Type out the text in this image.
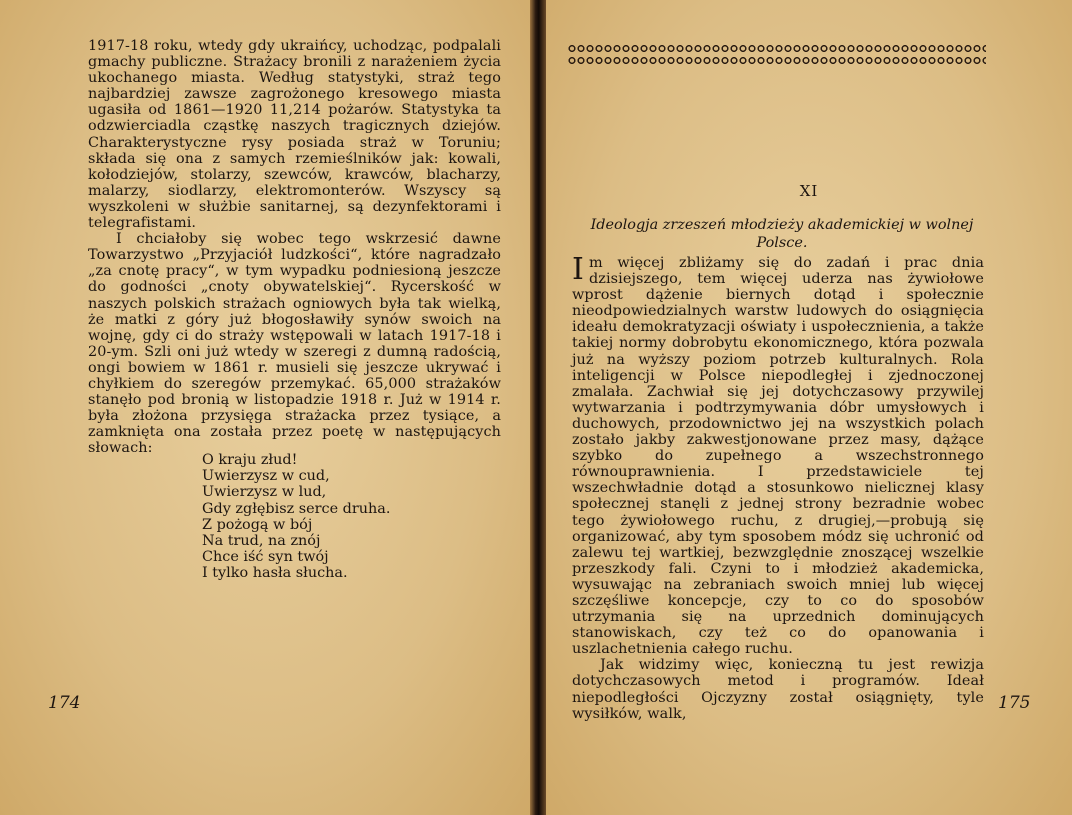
1917-18 roku, wtedy gdy ukraińcy, uchodząc, podpalali gmachy publiczne. Strażacy bronili z narażeniem życia ukochanego miasta. Według statystyki, straż tego najbardziej zawsze zagrożonego kresowego miasta ugasiła od 1861—1920 11,214 pożarów. Statystyka ta odzwierciadla cząstkę naszych tragicznych dziejów. Charakterystyczne rysy posiada straż w Toruniu; składa się ona z samych rzemieślników jak: kowali, kołodziejów, stolarzy, szewców, krawców, blacharzy, malarzy, siodlarzy, elektromonterów. Wszyscy są wyszkoleni w służbie sanitarnej, są dezynfektorami i telegrafistami.

I chciałoby się wobec tego wskrzesić dawne Towarzystwo „Przyjaciół ludzkości“, które nagradzało „za cnotę pracy“, w tym wypadku podniesioną jeszcze do godności „cnoty obywatelskiej“. Rycerskość w naszych polskich strażach ogniowych była tak wielką, że matki z góry już błogosławiły synów swoich na wojnę, gdy ci do straży wstępowali w latach 1917-18 i 20-ym. Szli oni już wtedy w szeregi z dumną radością, ongi bowiem w 1861 r. musieli się jeszcze ukrywać i chyłkiem do szeregów przemykać. 65,000 strażaków stanęło pod bronią w listopadzie 1918 r. Już w 1914 r. była złożona przysięga strażacka przez tysiące, a zamknięta ona została przez poetę w następujących słowach:

O kraju złud!
Uwierzysz w cud,
Uwierzysz w lud,
Gdy zgłębisz serce druha.
Z pożogą w bój
Na trud, na znój
Chce iść syn twój
I tylko hasła słucha.
174
XI
Ideologja zrzeszeń młodzieży akademickiej w wolnej Polsce.

Im więcej zbliżamy się do zadań i prac dnia dzisiejszego, tem więcej uderza nas żywiołowe wprost dążenie biernych dotąd i społecznie nieodpowiedzialnych warstw ludowych do osiągnięcia ideału demokratyzacji oświaty i uspołecznienia, a także takiej normy dobrobytu ekonomicznego, która pozwala już na wyższy poziom potrzeb kulturalnych. Rola inteligencji w Polsce niepodległej i zjednoczonej zmalała. Zachwiał się jej dotychczasowy przywilej wytwarzania i podtrzymywania dóbr umysłowych i duchowych, przodownictwo jej na wszystkich polach zostało jakby zakwestjonowane przez masy, dążące szybko do zupełnego a wszechstronnego równouprawnienia. I przedstawiciele tej wszechwładnie dotąd a stosunkowo nielicznej klasy społecznej stanęli z jednej strony bezradnie wobec tego żywiołowego ruchu, z drugiej,—probują się organizować, aby tym sposobem módz się uchronić od zalewu tej wartkiej, bezwzględnie znoszącej wszelkie przeszkody fali. Czyni to i młodzież akademicka, wysuwając na zebraniach swoich mniej lub więcej szczęśliwe koncepcje, czy to co do sposobów utrzymania się na uprzednich dominujących stanowiskach, czy też co do opanowania i uszlachetnienia całego ruchu.

Jak widzimy więc, konieczną tu jest rewizja dotychczasowych metod i programów. Ideał niepodległości Ojczyzny został osiągnięty, tyle wysiłków, walk,

175
